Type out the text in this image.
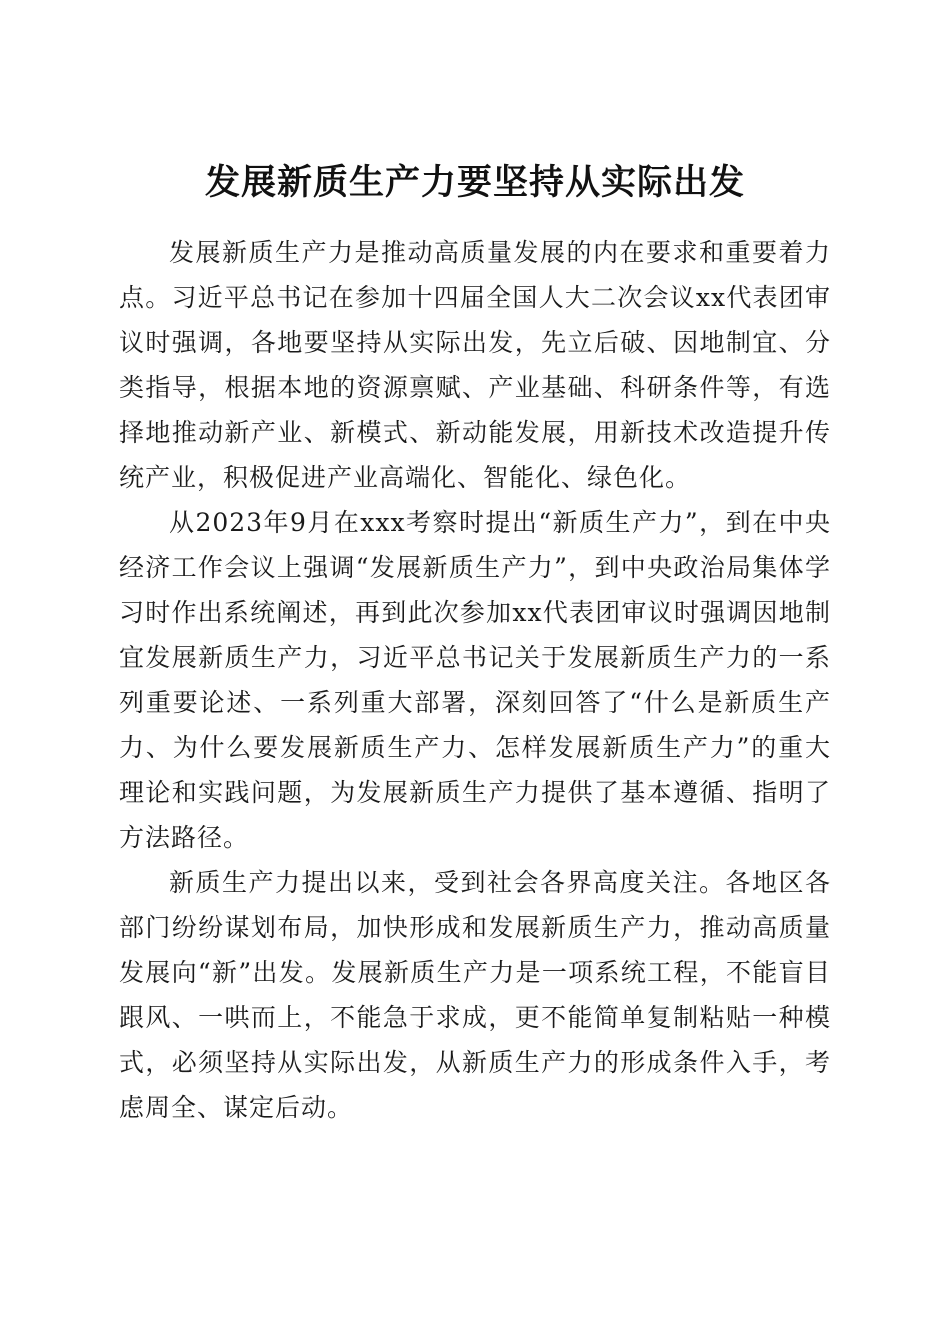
发展新质生产力要坚持从实际出发

发展新质生产力是推动高质量发展的内在要求和重要着力点。习近平总书记在参加十四届全国人大二次会议xx代表团审议时强调，各地要坚持从实际出发，先立后破、因地制宜、分类指导，根据本地的资源禀赋、产业基础、科研条件等，有选择地推动新产业、新模式、新动能发展，用新技术改造提升传统产业，积极促进产业高端化、智能化、绿色化。

从2023年9月在xxx考察时提出“新质生产力”，到在中央经济工作会议上强调“发展新质生产力”，到中央政治局集体学习时作出系统阐述，再到此次参加xx代表团审议时强调因地制宜发展新质生产力，习近平总书记关于发展新质生产力的一系列重要论述、一系列重大部署，深刻回答了“什么是新质生产力、为什么要发展新质生产力、怎样发展新质生产力”的重大理论和实践问题，为发展新质生产力提供了基本遵循、指明了方法路径。

新质生产力提出以来，受到社会各界高度关注。各地区各部门纷纷谋划布局，加快形成和发展新质生产力，推动高质量发展向“新”出发。发展新质生产力是一项系统工程，不能盲目跟风、一哄而上，不能急于求成，更不能简单复制粘贴一种模式，必须坚持从实际出发，从新质生产力的形成条件入手，考虑周全、谋定后动。
